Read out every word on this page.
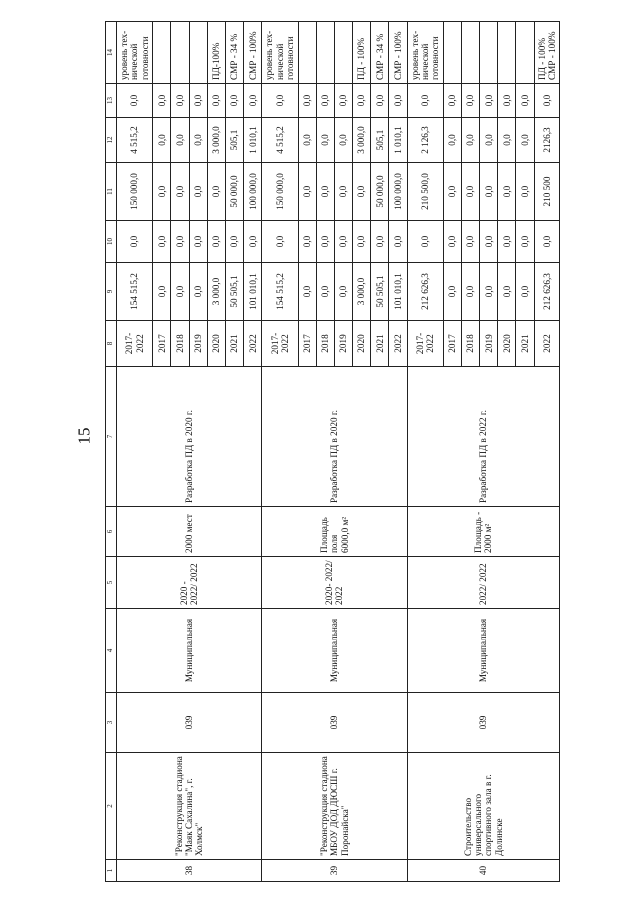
15
1	2	3	4	5	6	7	8	9	10	11	12	13	14
38	"Реконструкция стадиона "Маяк Сахалина", г. Холмск"	039	Муниципальная	2020 - 2022/ 2022	2000 мест	Разработка ПД в 2020 г.	2017-2022	154 515,2	0,0	150 000,0	4 515,2	0,0	уровень технической готовности
							2017	0,0	0,0	0,0	0,0	0,0	
							2018	0,0	0,0	0,0	0,0	0,0	
							2019	0,0	0,0	0,0	0,0	0,0	
							2020	3 000,0	0,0	0,0	3 000,0	0,0	ПД-100%
							2021	50 505,1	0,0	50 000,0	505,1	0,0	СМР - 34 %
							2022	101 010,1	0,0	100 000,0	1 010,1	0,0	СМР - 100%
39	"Реконструкция стадиона МБОУ ДОД ДЮСШ г. Поронайска"	039	Муниципальная	2020- 2022/ 2022	Площадь поля 6000,0 м²	Разработка ПД в 2020 г.	2017-2022	154 515,2	0,0	150 000,0	4 515,2	0,0	уровень технической готовности
							2017	0,0	0,0	0,0	0,0	0,0	
							2018	0,0	0,0	0,0	0,0	0,0	
							2019	0,0	0,0	0,0	0,0	0,0	
							2020	3 000,0	0,0	0,0	3 000,0	0,0	ПД - 100%
							2021	50 505,1	0,0	50 000,0	505,1	0,0	СМР - 34 %
							2022	101 010,1	0,0	100 000,0	1 010,1	0,0	СМР - 100%
40	Строительство универсального спортивного зала в г. Долинске	039	Муниципальная	2022/ 2022	Площадь - 2000 м²	Разработка ПД в 2022 г.	2017-2022	212 626,3	0,0	210 500,0	2 126,3	0,0	уровень технической готовности
							2017	0,0	0,0	0,0	0,0	0,0	
							2018	0,0	0,0	0,0	0,0	0,0	
							2019	0,0	0,0	0,0	0,0	0,0	
							2020	0,0	0,0	0,0	0,0	0,0	
							2021	0,0	0,0	0,0	0,0	0,0	
							2022	212 626,3	0,0	210 500	2126,3	0,0	ПД - 100% СМР - 100%
